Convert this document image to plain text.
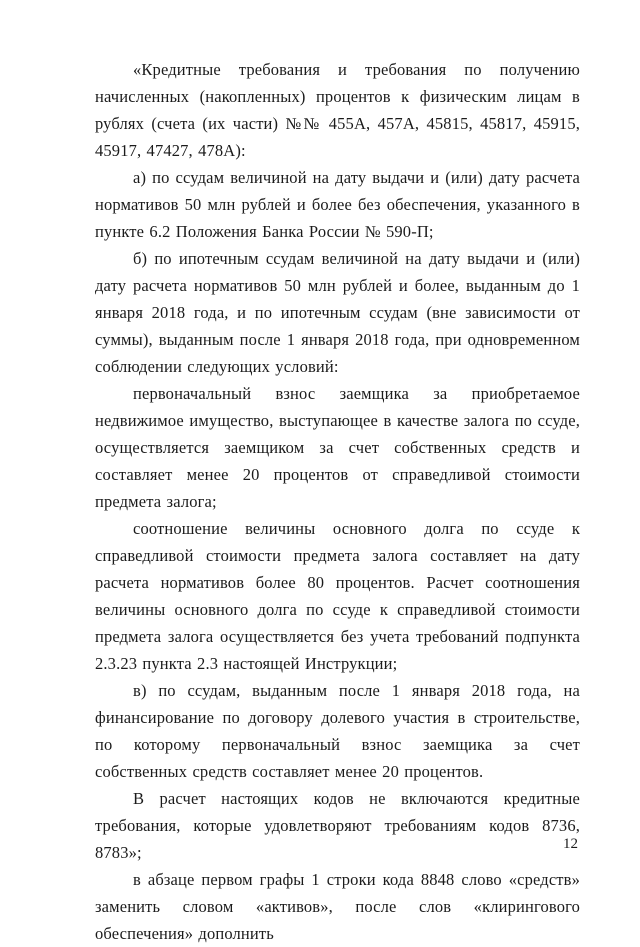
«Кредитные требования и требования по получению начисленных (накопленных) процентов к физическим лицам в рублях (счета (их части) №№ 455А, 457А, 45815, 45817, 45915, 45917, 47427, 478А):

а) по ссудам величиной на дату выдачи и (или) дату расчета нормативов 50 млн рублей и более без обеспечения, указанного в пункте 6.2 Положения Банка России № 590-П;

б) по ипотечным ссудам величиной на дату выдачи и (или) дату расчета нормативов 50 млн рублей и более, выданным до 1 января 2018 года, и по ипотечным ссудам (вне зависимости от суммы), выданным после 1 января 2018 года, при одновременном соблюдении следующих условий:

первоначальный взнос заемщика за приобретаемое недвижимое имущество, выступающее в качестве залога по ссуде, осуществляется заемщиком за счет собственных средств и составляет менее 20 процентов от справедливой стоимости предмета залога;

соотношение величины основного долга по ссуде к справедливой стоимости предмета залога составляет на дату расчета нормативов более 80 процентов. Расчет соотношения величины основного долга по ссуде к справедливой стоимости предмета залога осуществляется без учета требований подпункта 2.3.23 пункта 2.3 настоящей Инструкции;

в) по ссудам, выданным после 1 января 2018 года, на финансирование по договору долевого участия в строительстве, по которому первоначальный взнос заемщика за счет собственных средств составляет менее 20 процентов.

В расчет настоящих кодов не включаются кредитные требования, которые удовлетворяют требованиям кодов 8736, 8783»;

в абзаце первом графы 1 строки кода 8848 слово «средств» заменить словом «активов», после слов «клирингового обеспечения» дополнить

12
